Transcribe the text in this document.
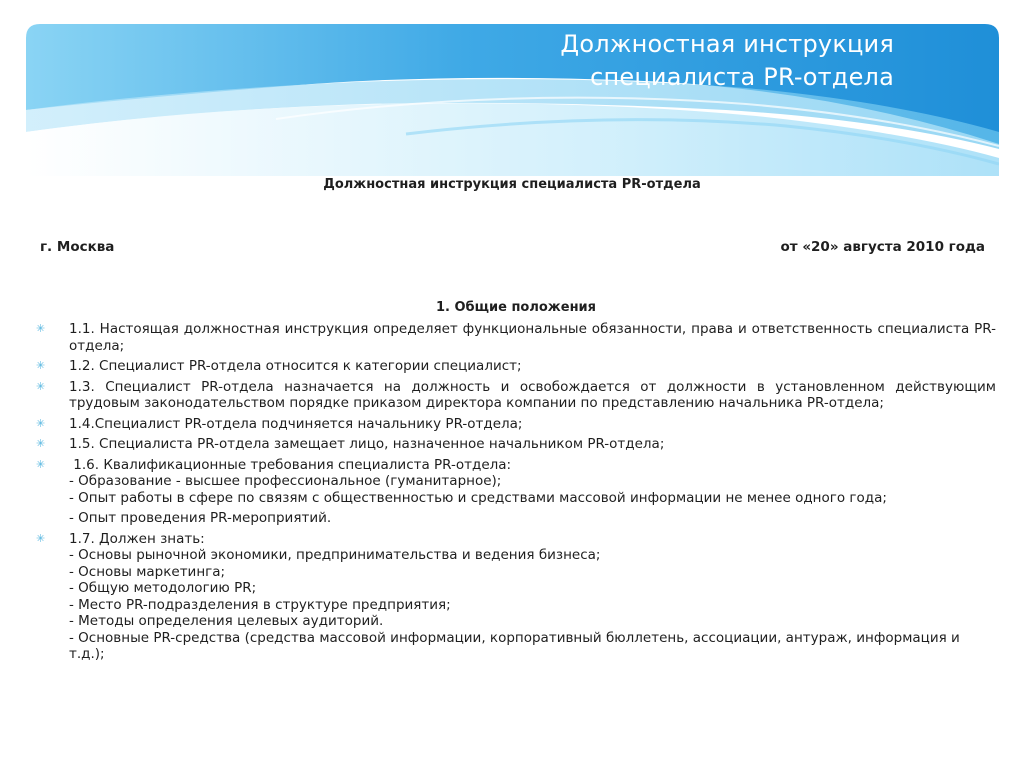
Должностная инструкция
специалиста PR-отдела
Должностная инструкция специалиста PR-отдела
г. Москва	от «20» августа 2010 года
1. Общие положения
✳	1.1. Настоящая должностная инструкция определяет функциональные обязанности, права и ответственность специалиста PR-отдела;
✳	1.2. Специалист PR-отдела относится к категории специалист;
✳	1.3. Специалист PR-отдела назначается на должность и освобождается от должности в установленном действующим трудовым законодательством порядке приказом директора компании по представлению начальника PR-отдела;
✳	1.4.Специалист PR-отдела подчиняется начальнику PR-отдела;
✳	1.5. Специалиста PR-отдела замещает лицо, назначенное начальником PR-отдела;
✳	1.6. Квалификационные требования специалиста PR-отдела:
- Образование - высшее профессиональное (гуманитарное);
- Опыт работы в сфере по связям с общественностью и средствами массовой информации не менее одного года;
- Опыт проведения PR-мероприятий.
✳	1.7. Должен знать:
- Основы рыночной экономики, предпринимательства и ведения бизнеса;
- Основы маркетинга;
- Общую методологию PR;
- Место PR-подразделения в структуре предприятия;
- Методы определения целевых аудиторий.
- Основные PR-средства (средства массовой информации, корпоративный бюллетень, ассоциации, антураж, информация и т.д.);
